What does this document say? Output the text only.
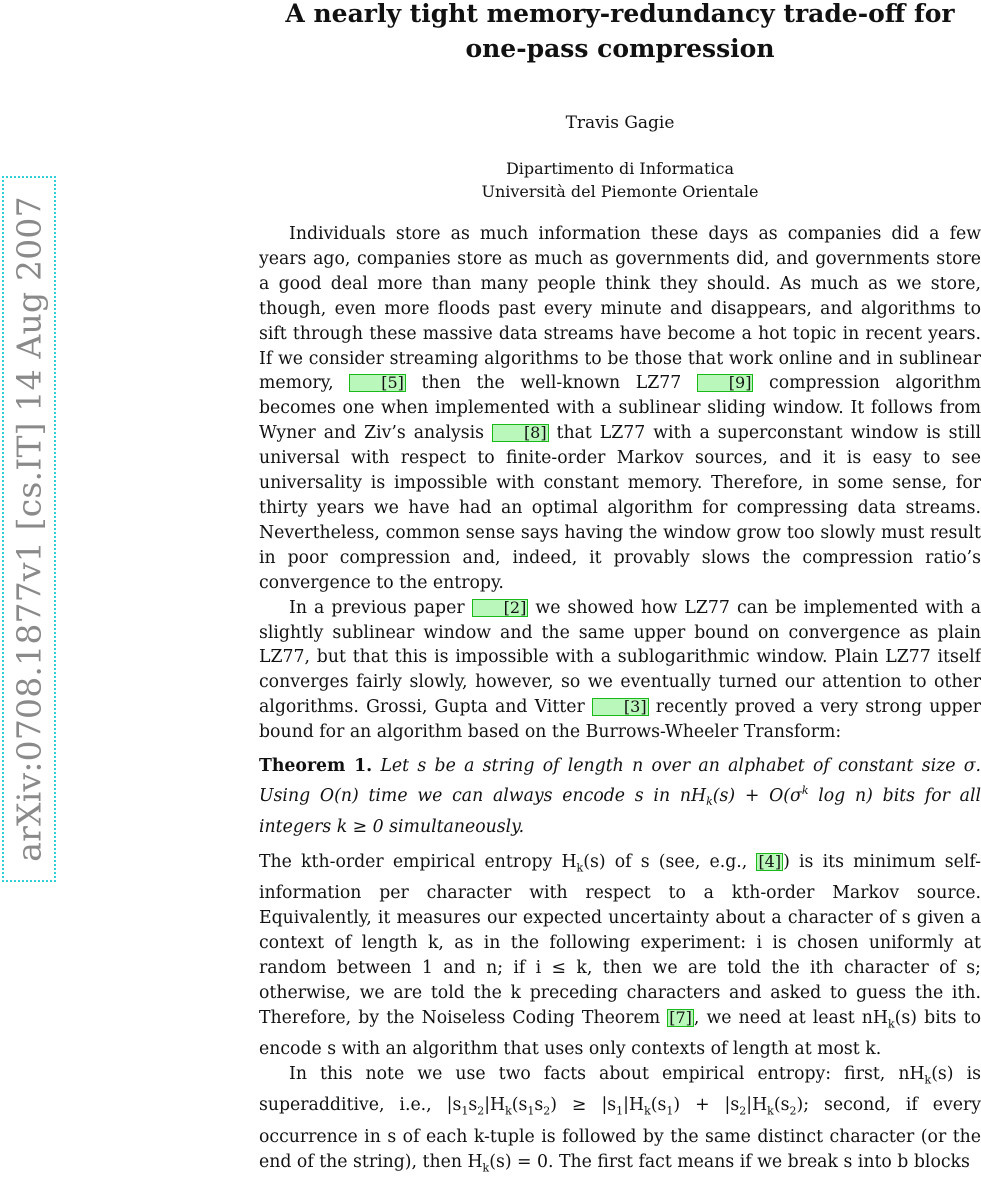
arXiv:0708.1877v1 [cs.IT] 14 Aug 2007
A nearly tight memory-redundancy trade-off for
one-pass compression
Travis Gagie
Dipartimento di Informatica
Università del Piemonte Orientale

Individuals store as much information these days as companies did a few years ago, companies store as much as governments did, and governments store a good deal more than many people think they should. As much as we store, though, even more floods past every minute and disappears, and algorithms to sift through these massive data streams have become a hot topic in recent years. If we consider streaming algorithms to be those that work online and in sublinear memory, [5] then the well-known LZ77 [9] compression algorithm becomes one when implemented with a sublinear sliding window. It follows from Wyner and Ziv’s analysis [8] that LZ77 with a superconstant window is still universal with respect to finite-order Markov sources, and it is easy to see universality is impossible with constant memory. Therefore, in some sense, for thirty years we have had an optimal algorithm for compressing data streams. Nevertheless, common sense says having the window grow too slowly must result in poor compression and, indeed, it provably slows the compression ratio’s convergence to the entropy.

In a previous paper [2] we showed how LZ77 can be implemented with a slightly sublinear window and the same upper bound on convergence as plain LZ77, but that this is impossible with a sublogarithmic window. Plain LZ77 itself converges fairly slowly, however, so we eventually turned our attention to other algorithms. Grossi, Gupta and Vitter [3] recently proved a very strong upper bound for an algorithm based on the Burrows-Wheeler Transform:

Theorem 1. Let s be a string of length n over an alphabet of constant size σ. Using O(n) time we can always encode s in $nH_k(s) + O(\sigma^k$ log n) bits for all integers k ≥ 0 simultaneously.

The kth-order empirical entropy $H_k(s)$ of s (see, e.g., [4] ) is its minimum self-information per character with respect to a kth-order Markov source. Equivalently, it measures our expected uncertainty about a character of s given a context of length k, as in the following experiment: i is chosen uniformly at random between 1 and n; if i ≤ k, then we are told the ith character of s; otherwise, we are told the k preceding characters and asked to guess the ith. Therefore, by the Noiseless Coding Theorem [7] , we need at least $nH_k(s)$ bits to encode s with an algorithm that uses only contexts of length at most k.

In this note we use two facts about empirical entropy: first, $nH_k(s)$ is superadditive, i.e., $|s_1s_2|H_k(s_1s_2) \ge |s_1|H_k(s_1) + |s_2|H_k(s_2)$; second, if every occurrence in s of each k-tuple is followed by the same distinct character (or the end of the string), then $H_k(s) = 0$. The first fact means if we break s into b blocks
